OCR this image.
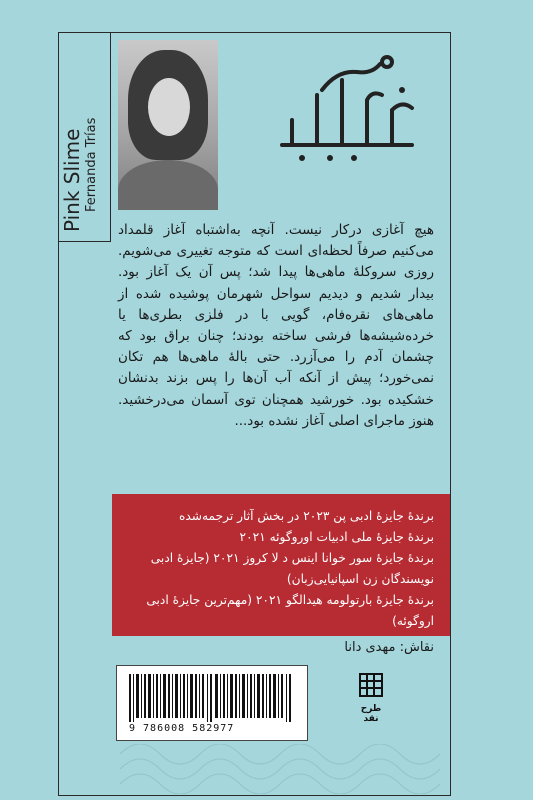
Pink Slime Fernanda Trías

هیچ آغازی درکار نیست. آنچه به‌اشتباه آغاز قلمداد می‌کنیم صرفاً لحظه‌ای است که متوجه تغییری می‌شویم. روزی سروکلهٔ ماهی‌ها پیدا شد؛ پس آن یک آغاز بود. بیدار شدیم و دیدیم سواحل شهرمان پوشیده شده از ماهی‌های نقره‌فام، گویی با در فلزی بطری‌ها یا خرده‌شیشه‌ها فرشی ساخته بودند؛ چنان براق بود که چشمان آدم را می‌آزرد. حتی بالهٔ ماهی‌ها هم تکان نمی‌خورد؛ پیش از آنکه آب آن‌ها را پس بزند بدنشان خشکیده بود. خورشید همچنان توی آسمان می‌درخشید. هنوز ماجرای اصلی آغاز نشده بود...

برندهٔ جایزهٔ ادبی پن ۲۰۲۳ در بخش آثار ترجمه‌شده

برندهٔ جایزهٔ ملی ادبیات اوروگوئه ۲۰۲۱

برندهٔ جایزهٔ سور خوانا اینس د لا کروز ۲۰۲۱ (جایزهٔ ادبی نویسندگان زن اسپانیایی‌زبان)

برندهٔ جایزهٔ بارتولومه هیدالگو ۲۰۲۱ (مهم‌ترین جایزهٔ ادبی اروگوئه)

نقاش: مهدی دانا
9 786008 582977
طرح
نقد
